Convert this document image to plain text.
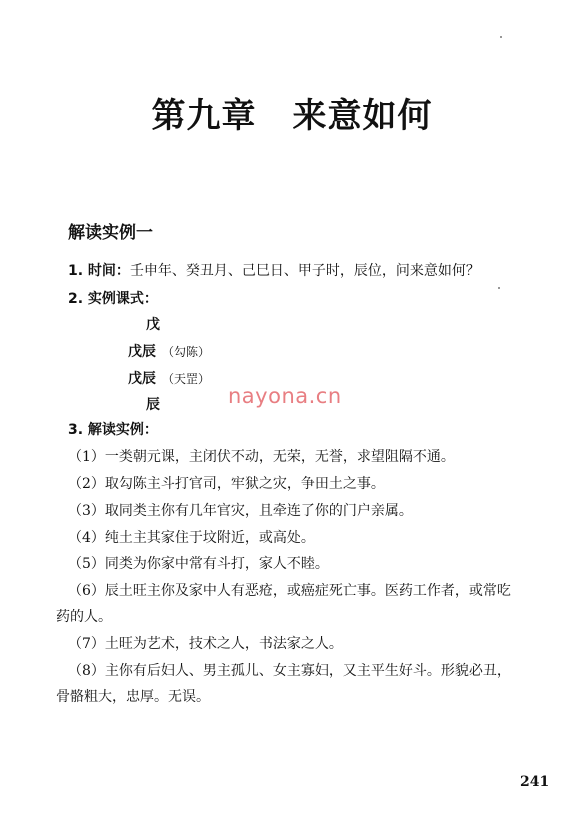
第九章 来意如何
解读实例一
1. 时间：壬申年、癸丑月、己巳日、甲子时，辰位，问来意如何？
2. 实例课式：
戊
戊辰 （勾陈）
戊辰 （天罡）
辰	nayona.cn
3. 解读实例：
（1）一类朝元课，主闭伏不动，无荣，无誉，求望阻隔不通。
（2）取勾陈主斗打官司，牢狱之灾，争田土之事。
（3）取同类主你有几年官灾，且牵连了你的门户亲属。
（4）纯土主其家住于坟附近，或高处。
（5）同类为你家中常有斗打，家人不睦。
（6）辰土旺主你及家中人有恶疮，或癌症死亡事。医药工作者，或常吃
药的人。
（7）土旺为艺术，技术之人，书法家之人。
（8）主你有后妇人、男主孤儿、女主寡妇，又主平生好斗。形貌必丑，
骨骼粗大，忠厚。无误。
241
